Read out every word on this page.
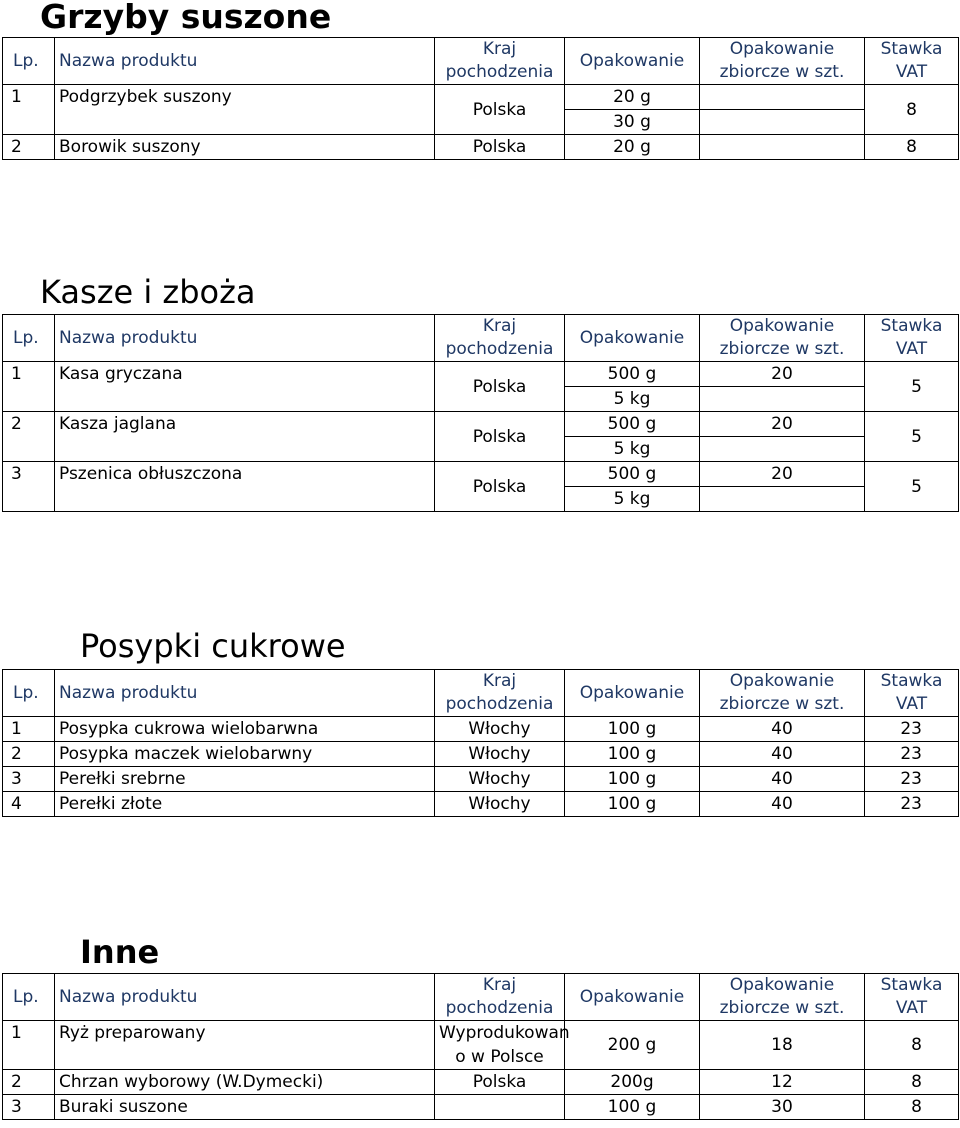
Grzyby suszone
Lp.	Nazwa produktu	Kraj
pochodzenia	Opakowanie	Opakowanie
zbiorcze w szt.	Stawka
VAT
1	Podgrzybek suszony	Polska	20 g		8
			30 g		
2	Borowik suszony	Polska	20 g		8
Kasze i zboża
Lp.	Nazwa produktu	Kraj
pochodzenia	Opakowanie	Opakowanie
zbiorcze w szt.	Stawka
VAT
1	Kasa gryczana	Polska	500 g	20	5
			5 kg		
2	Kasza jaglana	Polska	500 g	20	5
			5 kg		
3	Pszenica obłuszczona	Polska	500 g	20	5
			5 kg		
Posypki cukrowe
Lp.	Nazwa produktu	Kraj
pochodzenia	Opakowanie	Opakowanie
zbiorcze w szt.	Stawka
VAT
1	Posypka cukrowa wielobarwna	Włochy	100 g	40	23
2	Posypka maczek wielobarwny	Włochy	100 g	40	23
3	Perełki srebrne	Włochy	100 g	40	23
4	Perełki złote	Włochy	100 g	40	23
Inne
Lp.	Nazwa produktu	Kraj
pochodzenia	Opakowanie	Opakowanie
zbiorcze w szt.	Stawka
VAT
1	Ryż preparowany	Wyprodukowan
o w Polsce	200 g	18	8
2	Chrzan wyborowy (W.Dymecki)	Polska	200g	12	8
3	Buraki suszone		100 g	30	8
